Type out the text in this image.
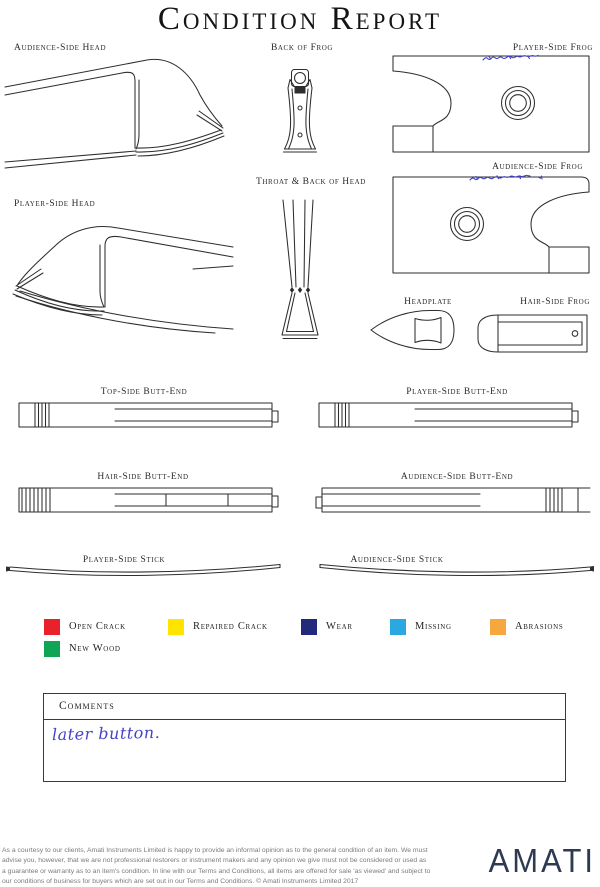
Condition Report
Audience-Side Head	Back of Frog	Player-Side Frog
Audience-Side Frog
Player-Side Head
Throat & Back of Head
Headplate	Hair-Side Frog
Top-Side Butt-End	Player-Side Butt-End
Hair-Side Butt-End	Audience-Side Butt-End
Player-Side Stick	Audience-Side Stick
Open Crack	Repaired Crack	Wear	Missing	Abrasions
New Wood
Comments
later button.
As a courtesy to our clients, Amati Instruments Limited is happy to provide an informal opinion as to the general condition of an item. We must
advise you, however, that we are not professional restorers or instrument makers and any opinion we give must not be considered or used as
a guarantee or warranty as to an item's condition. In line with our Terms and Conditions, all items are offered for sale 'as viewed' and subject to
our conditions of business for buyers which are set out in our Terms and Conditions. © Amati Instruments Limited 2017
AMATI
